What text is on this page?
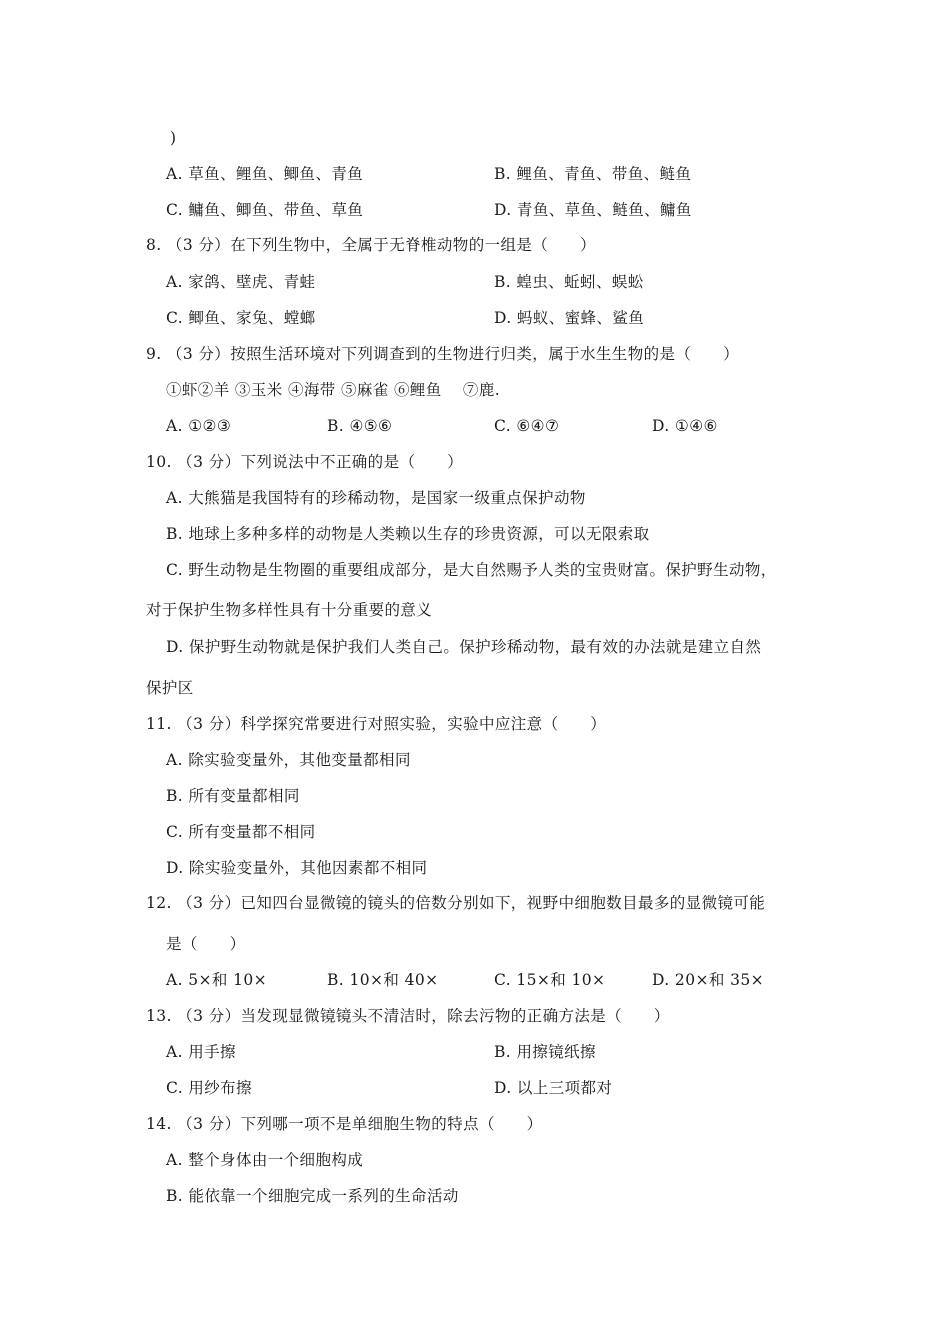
)
A. 草鱼、鲤鱼、鲫鱼、青鱼	B. 鲤鱼、青鱼、带鱼、鲢鱼
C. 鳙鱼、鲫鱼、带鱼、草鱼	D. 青鱼、草鱼、鲢鱼、鳙鱼
8. （3 分）在下列生物中，全属于无脊椎动物的一组是（　　）
A. 家鸽、壁虎、青蛙	B. 蝗虫、蚯蚓、蜈蚣
C. 鲫鱼、家兔、螳螂	D. 蚂蚁、蜜蜂、鲨鱼
9. （3 分）按照生活环境对下列调查到的生物进行归类，属于水生生物的是（　　）
①虾②羊 ③玉米 ④海带 ⑤麻雀 ⑥鲤鱼　 ⑦鹿.
A. ①②③	B. ④⑤⑥	C. ⑥④⑦	D. ①④⑥
10. （3 分）下列说法中不正确的是（　　）
A. 大熊猫是我国特有的珍稀动物，是国家一级重点保护动物
B. 地球上多种多样的动物是人类赖以生存的珍贵资源，可以无限索取
C. 野生动物是生物圈的重要组成部分，是大自然赐予人类的宝贵财富。保护野生动物，
对于保护生物多样性具有十分重要的意义
D. 保护野生动物就是保护我们人类自己。保护珍稀动物，最有效的办法就是建立自然
保护区
11. （3 分）科学探究常要进行对照实验，实验中应注意（　　）
A. 除实验变量外，其他变量都相同
B. 所有变量都相同
C. 所有变量都不相同
D. 除实验变量外，其他因素都不相同
12. （3 分）已知四台显微镜的镜头的倍数分别如下，视野中细胞数目最多的显微镜可能
是（　　）
A. 5×和 10×	B. 10×和 40×	C. 15×和 10×	D. 20×和 35×
13. （3 分）当发现显微镜镜头不清洁时，除去污物的正确方法是（　　）
A. 用手擦	B. 用擦镜纸擦
C. 用纱布擦	D. 以上三项都对
14. （3 分）下列哪一项不是单细胞生物的特点（　　）
A. 整个身体由一个细胞构成
B. 能依靠一个细胞完成一系列的生命活动
